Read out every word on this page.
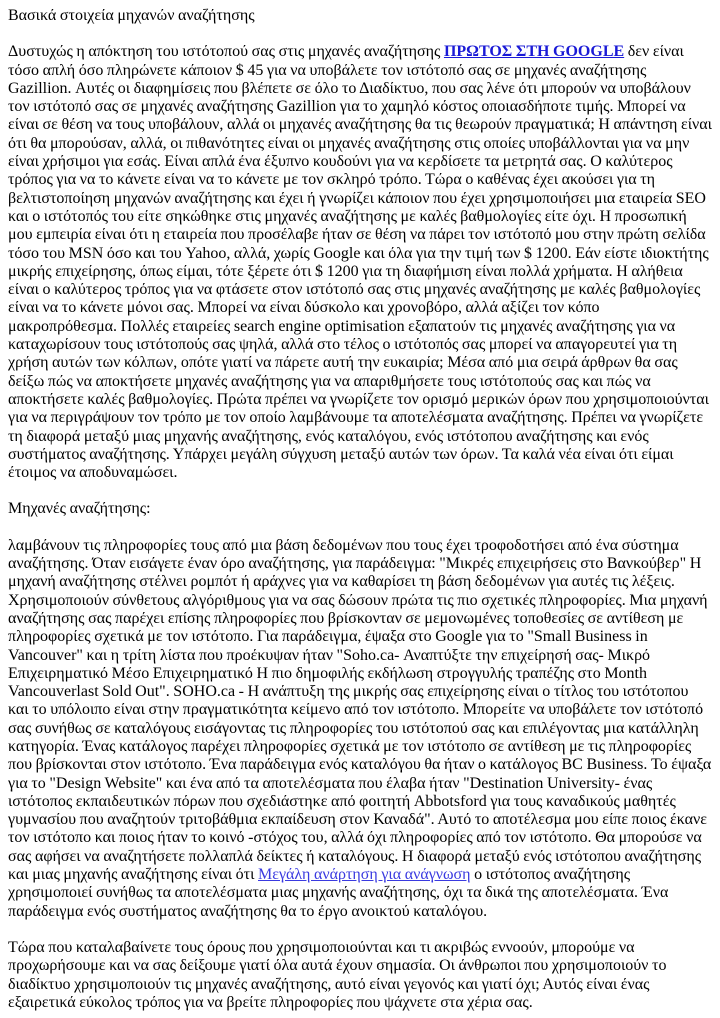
Βασικά στοιχεία μηχανών αναζήτησης

Δυστυχώς η απόκτηση του ιστότοπού σας στις μηχανές αναζήτησης ΠΡΩΤΟΣ ΣΤΗ GOOGLE δεν είναι τόσο απλή όσο πληρώνετε κάποιον $ 45 για να υποβάλετε τον ιστότοπό σας σε μηχανές αναζήτησης Gazillion. Αυτές οι διαφημίσεις που βλέπετε σε όλο το Διαδίκτυο, που σας λένε ότι μπορούν να υποβάλουν τον ιστότοπό σας σε μηχανές αναζήτησης Gazillion για το χαμηλό κόστος οποιασδήποτε τιμής. Μπορεί να είναι σε θέση να τους υποβάλουν, αλλά οι μηχανές αναζήτησης θα τις θεωρούν πραγματικά; Η απάντηση είναι ότι θα μπορούσαν, αλλά, οι πιθανότητες είναι οι μηχανές αναζήτησης στις οποίες υποβάλλονται για να μην είναι χρήσιμοι για εσάς. Είναι απλά ένα έξυπνο κουδούνι για να κερδίσετε τα μετρητά σας. Ο καλύτερος τρόπος για να το κάνετε είναι να το κάνετε με τον σκληρό τρόπο. Τώρα ο καθένας έχει ακούσει για τη βελτιστοποίηση μηχανών αναζήτησης και έχει ή γνωρίζει κάποιον που έχει χρησιμοποιήσει μια εταιρεία SEO και ο ιστότοπός του είτε σηκώθηκε στις μηχανές αναζήτησης με καλές βαθμολογίες είτε όχι. Η προσωπική μου εμπειρία είναι ότι η εταιρεία που προσέλαβε ήταν σε θέση να πάρει τον ιστότοπό μου στην πρώτη σελίδα τόσο του MSN όσο και του Yahoo, αλλά, χωρίς Google και όλα για την τιμή των $ 1200. Εάν είστε ιδιοκτήτης μικρής επιχείρησης, όπως είμαι, τότε ξέρετε ότι $ 1200 για τη διαφήμιση είναι πολλά χρήματα. Η αλήθεια είναι ο καλύτερος τρόπος για να φτάσετε στον ιστότοπό σας στις μηχανές αναζήτησης με καλές βαθμολογίες είναι να το κάνετε μόνοι σας. Μπορεί να είναι δύσκολο και χρονοβόρο, αλλά αξίζει τον κόπο μακροπρόθεσμα. Πολλές εταιρείες search engine optimisation εξαπατούν τις μηχανές αναζήτησης για να καταχωρίσουν τους ιστότοπούς σας ψηλά, αλλά στο τέλος ο ιστότοπός σας μπορεί να απαγορευτεί για τη χρήση αυτών των κόλπων, οπότε γιατί να πάρετε αυτή την ευκαιρία; Μέσα από μια σειρά άρθρων θα σας δείξω πώς να αποκτήσετε μηχανές αναζήτησης για να απαριθμήσετε τους ιστότοπούς σας και πώς να αποκτήσετε καλές βαθμολογίες. Πρώτα πρέπει να γνωρίζετε τον ορισμό μερικών όρων που χρησιμοποιούνται για να περιγράψουν τον τρόπο με τον οποίο λαμβάνουμε τα αποτελέσματα αναζήτησης. Πρέπει να γνωρίζετε τη διαφορά μεταξύ μιας μηχανής αναζήτησης, ενός καταλόγου, ενός ιστότοπου αναζήτησης και ενός συστήματος αναζήτησης. Υπάρχει μεγάλη σύγχυση μεταξύ αυτών των όρων. Τα καλά νέα είναι ότι είμαι έτοιμος να αποδυναμώσει.

Μηχανές αναζήτησης:

λαμβάνουν τις πληροφορίες τους από μια βάση δεδομένων που τους έχει τροφοδοτήσει από ένα σύστημα αναζήτησης. Όταν εισάγετε έναν όρο αναζήτησης, για παράδειγμα: "Μικρές επιχειρήσεις στο Βανκούβερ" Η μηχανή αναζήτησης στέλνει ρομπότ ή αράχνες για να καθαρίσει τη βάση δεδομένων για αυτές τις λέξεις. Χρησιμοποιούν σύνθετους αλγόριθμους για να σας δώσουν πρώτα τις πιο σχετικές πληροφορίες. Μια μηχανή αναζήτησης σας παρέχει επίσης πληροφορίες που βρίσκονταν σε μεμονωμένες τοποθεσίες σε αντίθεση με πληροφορίες σχετικά με τον ιστότοπο. Για παράδειγμα, έψαξα στο Google για το "Small Business in Vancouver" και η τρίτη λίστα που προέκυψαν ήταν "Soho.ca- Αναπτύξτε την επιχείρησή σας- Μικρό Επιχειρηματικό Μέσο Επιχειρηματικό Η πιο δημοφιλής εκδήλωση στρογγυλής τραπέζης στο Month Vancouverlast Sold Out". SOHO.ca - Η ανάπτυξη της μικρής σας επιχείρησης είναι ο τίτλος του ιστότοπου και το υπόλοιπο είναι στην πραγματικότητα κείμενο από τον ιστότοπο. Μπορείτε να υποβάλετε τον ιστότοπό σας συνήθως σε καταλόγους εισάγοντας τις πληροφορίες του ιστότοπού σας και επιλέγοντας μια κατάλληλη κατηγορία. Ένας κατάλογος παρέχει πληροφορίες σχετικά με τον ιστότοπο σε αντίθεση με τις πληροφορίες που βρίσκονται στον ιστότοπο. Ένα παράδειγμα ενός καταλόγου θα ήταν ο κατάλογος BC Business. Το έψαξα για το "Design Website" και ένα από τα αποτελέσματα που έλαβα ήταν "Destination University- ένας ιστότοπος εκπαιδευτικών πόρων που σχεδιάστηκε από φοιτητή Abbotsford για τους καναδικούς μαθητές γυμνασίου που αναζητούν τριτοβάθμια εκπαίδευση στον Καναδά". Αυτό το αποτέλεσμα μου είπε ποιος έκανε τον ιστότοπο και ποιος ήταν το κοινό -στόχος του, αλλά όχι πληροφορίες από τον ιστότοπο. Θα μπορούσε να σας αφήσει να αναζητήσετε πολλαπλά δείκτες ή καταλόγους. Η διαφορά μεταξύ ενός ιστότοπου αναζήτησης και μιας μηχανής αναζήτησης είναι ότι Μεγάλη ανάρτηση για ανάγνωση ο ιστότοπος αναζήτησης χρησιμοποιεί συνήθως τα αποτελέσματα μιας μηχανής αναζήτησης, όχι τα δικά της αποτελέσματα. Ένα παράδειγμα ενός συστήματος αναζήτησης θα το έργο ανοικτού καταλόγου.

Τώρα που καταλαβαίνετε τους όρους που χρησιμοποιούνται και τι ακριβώς εννοούν, μπορούμε να προχωρήσουμε και να σας δείξουμε γιατί όλα αυτά έχουν σημασία. Οι άνθρωποι που χρησιμοποιούν το διαδίκτυο χρησιμοποιούν τις μηχανές αναζήτησης, αυτό είναι γεγονός και γιατί όχι; Αυτός είναι ένας εξαιρετικά εύκολος τρόπος για να βρείτε πληροφορίες που ψάχνετε στα χέρια σας.
